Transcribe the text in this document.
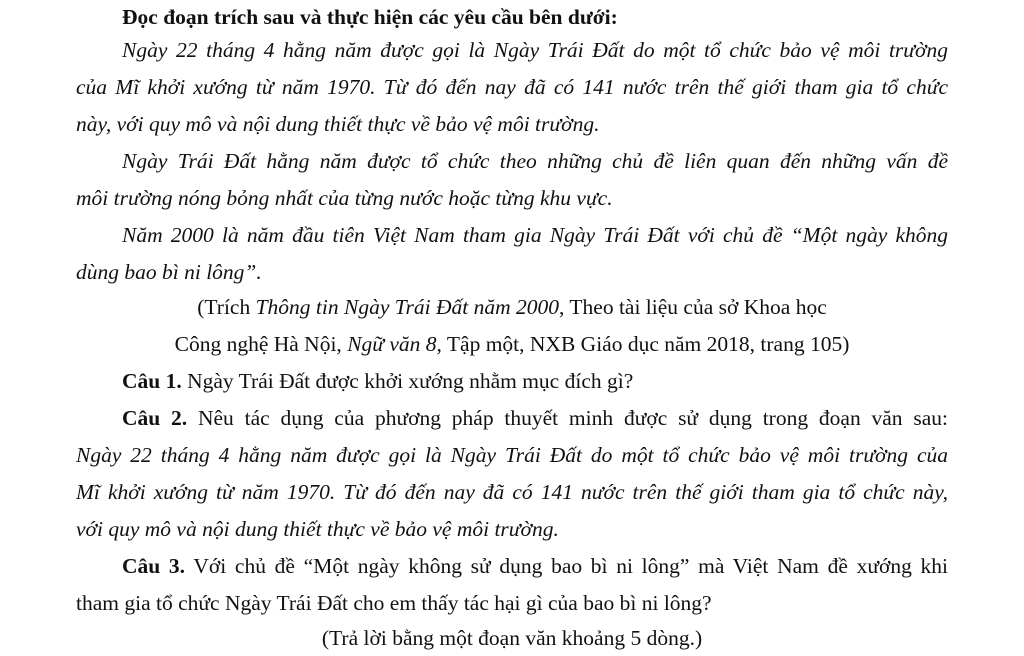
Đọc đoạn trích sau và thực hiện các yêu cầu bên dưới:
Ngày 22 tháng 4 hằng năm được gọi là Ngày Trái Đất do một tổ chức bảo vệ môi trường
của Mĩ khởi xướng từ năm 1970. Từ đó đến nay đã có 141 nước trên thế giới tham gia tổ chức
này, với quy mô và nội dung thiết thực về bảo vệ môi trường.
Ngày Trái Đất hằng năm được tổ chức theo những chủ đề liên quan đến những vấn đề
môi trường nóng bỏng nhất của từng nước hoặc từng khu vực.
Năm 2000 là năm đầu tiên Việt Nam tham gia Ngày Trái Đất với chủ đề “Một ngày không
dùng bao bì ni lông”.
(Trích Thông tin Ngày Trái Đất năm 2000, Theo tài liệu của sở Khoa học
Công nghệ Hà Nội, Ngữ văn 8, Tập một, NXB Giáo dục năm 2018, trang 105)
Câu 1. Ngày Trái Đất được khởi xướng nhằm mục đích gì?
Câu 2. Nêu tác dụng của phương pháp thuyết minh được sử dụng trong đoạn văn sau:
Ngày 22 tháng 4 hằng năm được gọi là Ngày Trái Đất do một tổ chức bảo vệ môi trường của
Mĩ khởi xướng từ năm 1970. Từ đó đến nay đã có 141 nước trên thế giới tham gia tổ chức này,
với quy mô và nội dung thiết thực về bảo vệ môi trường.
Câu 3. Với chủ đề “Một ngày không sử dụng bao bì ni lông” mà Việt Nam đề xướng khi
tham gia tổ chức Ngày Trái Đất cho em thấy tác hại gì của bao bì ni lông?
(Trả lời bằng một đoạn văn khoảng 5 dòng.)
